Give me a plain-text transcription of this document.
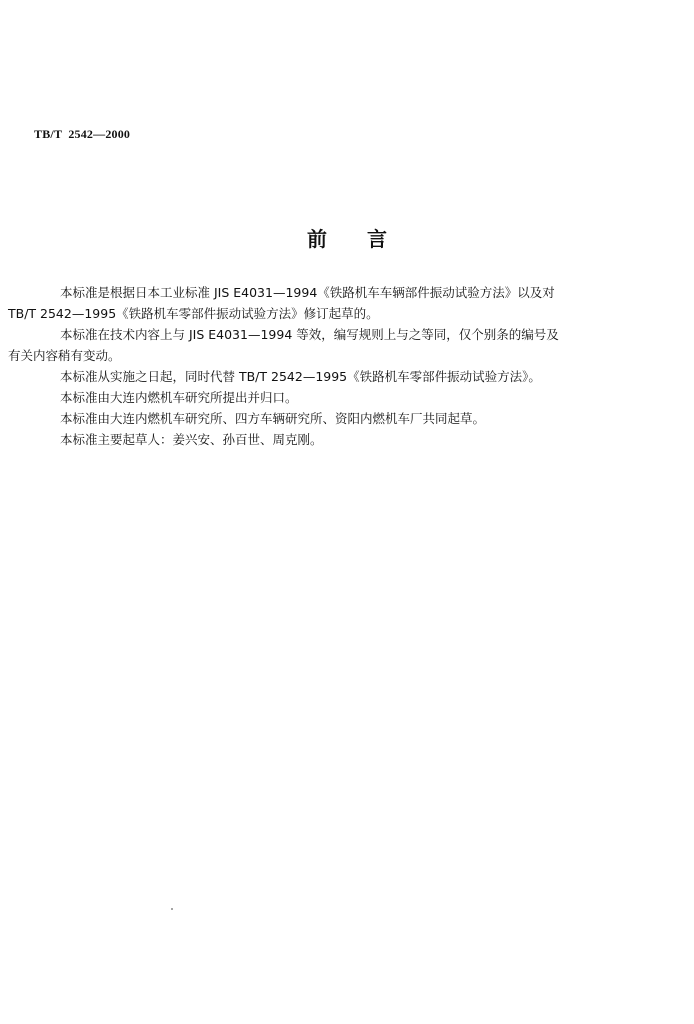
TB/T  2542—2000
前言

本标准是根据日本工业标准 JIS E4031—1994《铁路机车车辆部件振动试验方法》以及对
TB/T 2542—1995《铁路机车零部件振动试验方法》修订起草的。

本标准在技术内容上与 JIS E4031—1994 等效，编写规则上与之等同，仅个别条的编号及
有关内容稍有变动。

本标准从实施之日起，同时代替 TB/T 2542—1995《铁路机车零部件振动试验方法》。

本标准由大连内燃机车研究所提出并归口。

本标准由大连内燃机车研究所、四方车辆研究所、资阳内燃机车厂共同起草。

本标准主要起草人：姜兴安、孙百世、周克刚。
